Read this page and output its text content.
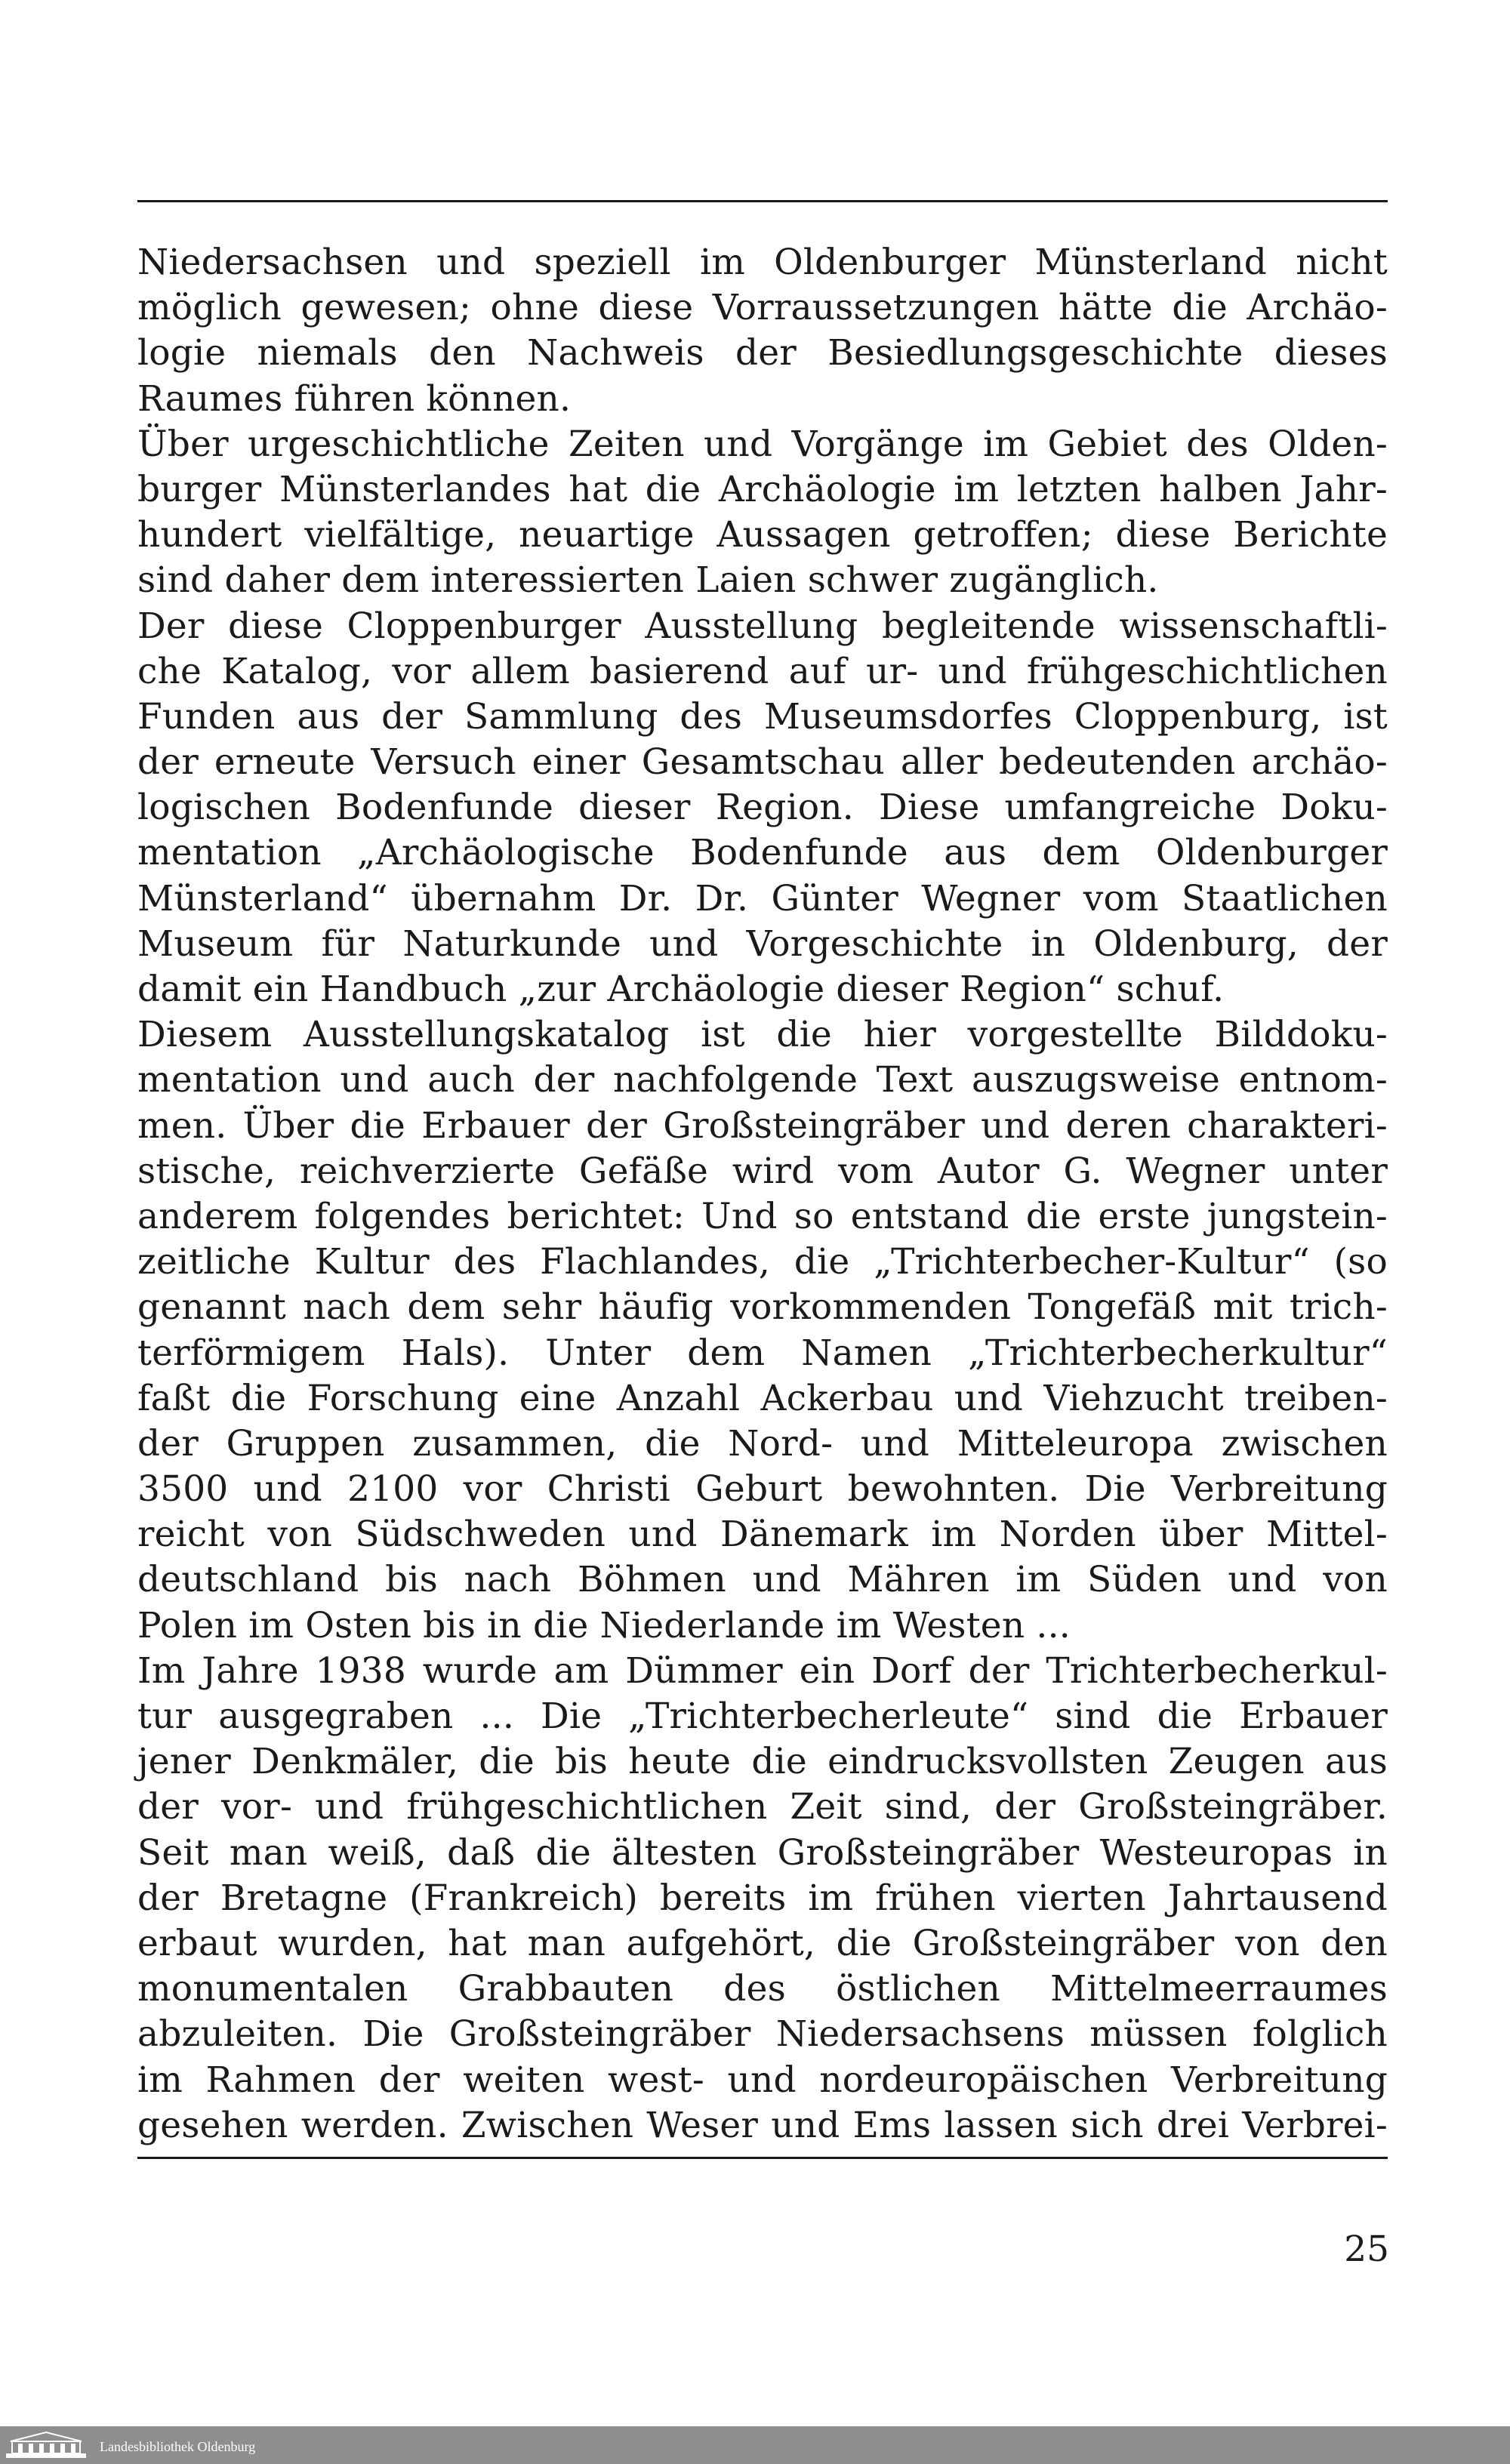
Niedersachsen und speziell im Oldenburger Münsterland nicht
möglich gewesen; ohne diese Vorraussetzungen hätte die Archäo-
logie niemals den Nachweis der Besiedlungsgeschichte dieses
Raumes führen können.
Über urgeschichtliche Zeiten und Vorgänge im Gebiet des Olden-
burger Münsterlandes hat die Archäologie im letzten halben Jahr-
hundert vielfältige, neuartige Aussagen getroffen; diese Berichte
sind daher dem interessierten Laien schwer zugänglich.
Der diese Cloppenburger Ausstellung begleitende wissenschaftli-
che Katalog, vor allem basierend auf ur- und frühgeschichtlichen
Funden aus der Sammlung des Museumsdorfes Cloppenburg, ist
der erneute Versuch einer Gesamtschau aller bedeutenden archäo-
logischen Bodenfunde dieser Region. Diese umfangreiche Doku-
mentation „Archäologische Bodenfunde aus dem Oldenburger
Münsterland“ übernahm Dr. Dr. Günter Wegner vom Staatlichen
Museum für Naturkunde und Vorgeschichte in Oldenburg, der
damit ein Handbuch „zur Archäologie dieser Region“ schuf.
Diesem Ausstellungskatalog ist die hier vorgestellte Bilddoku-
mentation und auch der nachfolgende Text auszugsweise entnom-
men. Über die Erbauer der Großsteingräber und deren charakteri-
stische, reichverzierte Gefäße wird vom Autor G. Wegner unter
anderem folgendes berichtet: Und so entstand die erste jungstein-
zeitliche Kultur des Flachlandes, die „Trichterbecher-Kultur“ (so
genannt nach dem sehr häufig vorkommenden Tongefäß mit trich-
terförmigem Hals). Unter dem Namen „Trichterbecherkultur“
faßt die Forschung eine Anzahl Ackerbau und Viehzucht treiben-
der Gruppen zusammen, die Nord- und Mitteleuropa zwischen
3500 und 2100 vor Christi Geburt bewohnten. Die Verbreitung
reicht von Südschweden und Dänemark im Norden über Mittel-
deutschland bis nach Böhmen und Mähren im Süden und von
Polen im Osten bis in die Niederlande im Westen ...
Im Jahre 1938 wurde am Dümmer ein Dorf der Trichterbecherkul-
tur ausgegraben ... Die „Trichterbecherleute“ sind die Erbauer
jener Denkmäler, die bis heute die eindrucksvollsten Zeugen aus
der vor- und frühgeschichtlichen Zeit sind, der Großsteingräber.
Seit man weiß, daß die ältesten Großsteingräber Westeuropas in
der Bretagne (Frankreich) bereits im frühen vierten Jahrtausend
erbaut wurden, hat man aufgehört, die Großsteingräber von den
monumentalen Grabbauten des östlichen Mittelmeerraumes
abzuleiten. Die Großsteingräber Niedersachsens müssen folglich
im Rahmen der weiten west- und nordeuropäischen Verbreitung
gesehen werden. Zwischen Weser und Ems lassen sich drei Verbrei-
25
Landesbibliothek Oldenburg
